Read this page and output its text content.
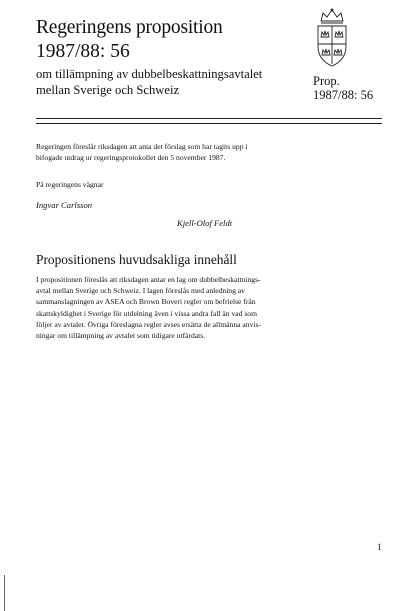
Regeringens proposition
1987/88: 56
om tillämpning av dubbelbeskattningsavtalet
mellan Sverige och Schweiz
Prop.
1987/88: 56
Regeringen föreslår riksdagen att anta det förslag som har tagits upp i
bifogade utdrag ur regeringsprotokollet den 5 november 1987.
På regeringens vägnar
Ingvar Carlsson
Kjell-Olof Feldt
Propositionens huvudsakliga innehåll
I propositionen föreslås att riksdagen antar en lag om dubbelbeskattnings-
avtal mellan Sverige och Schweiz. I lagen föreslås med anledning av
sammanslagningen av ASEA och Brown Boveri regler om befrielse från
skattskyldighet i Sverige för utdelning även i vissa andra fall än vad som
följer av avtalet. Övriga föreslagna regler avses ersätta de allmänna anvis-
ningar om tillämpning av avtalet som tidigare utfärdats.
1
